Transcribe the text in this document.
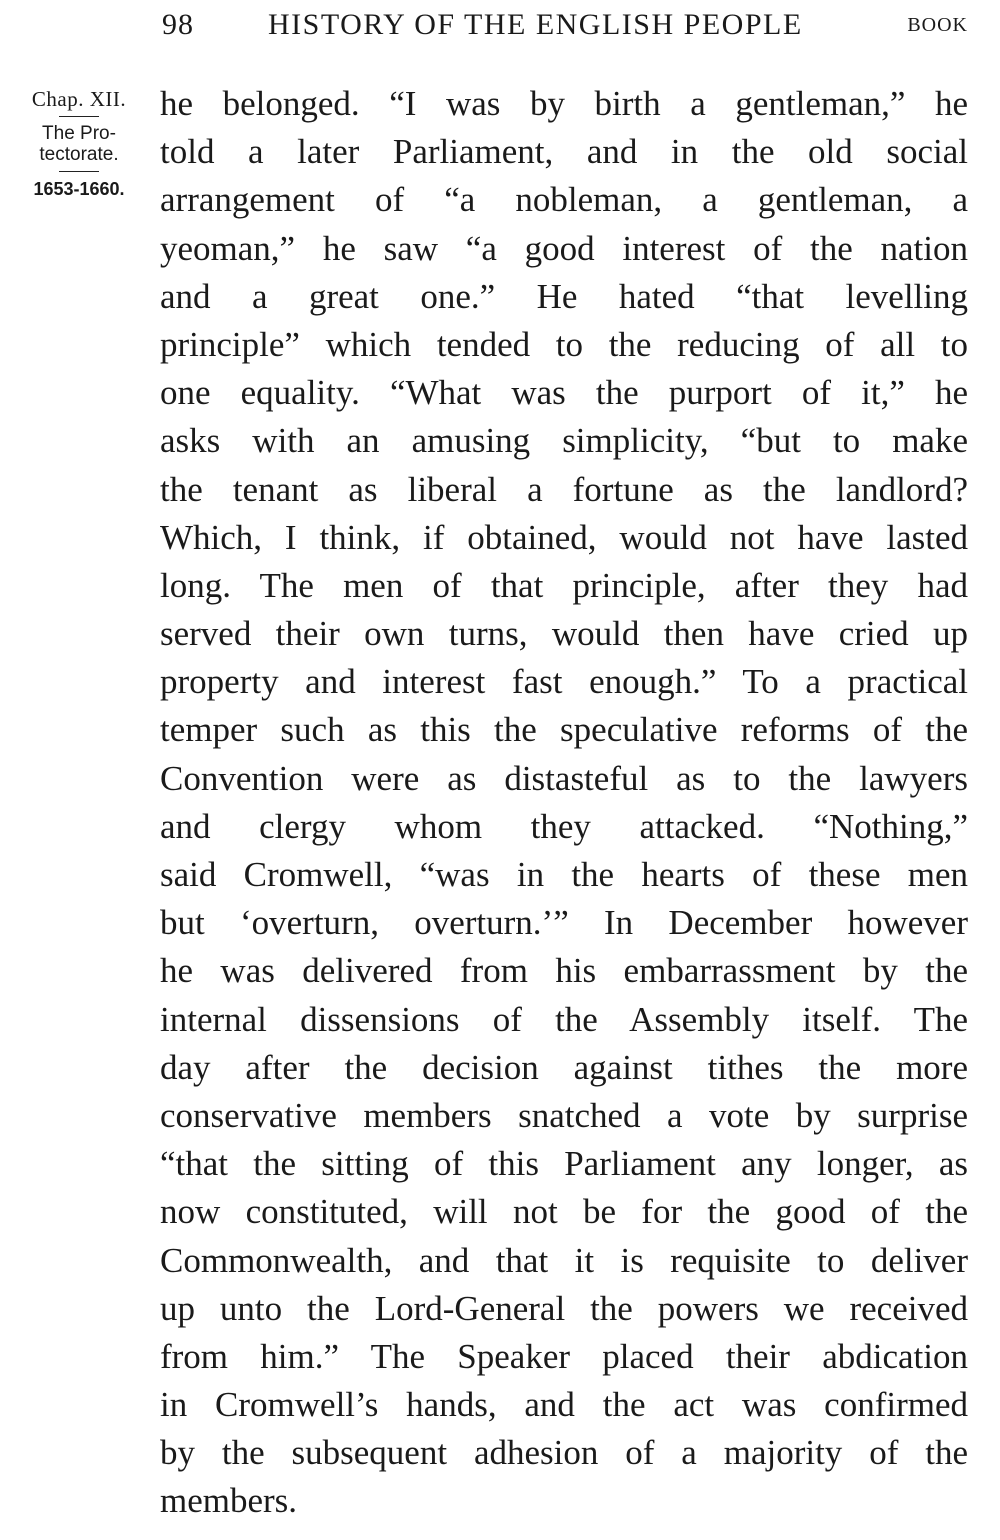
98 HISTORY OF THE ENGLISH PEOPLE	BOOK
Chap. XII.
The Pro-
tectorate.
1653-1660.
he belonged. “I was by birth a gentleman,” he
told a later Parliament, and in the old social
arrangement of “a nobleman, a gentleman, a
yeoman,” he saw “a good interest of the nation
and a great one.” He hated “that levelling
principle” which tended to the reducing of all to
one equality. “What was the purport of it,” he
asks with an amusing simplicity, “but to make
the tenant as liberal a fortune as the landlord?
Which, I think, if obtained, would not have lasted
long. The men of that principle, after they had
served their own turns, would then have cried up
property and interest fast enough.” To a practical
temper such as this the speculative reforms of the
Convention were as distasteful as to the lawyers
and clergy whom they attacked. “Nothing,”
said Cromwell, “was in the hearts of these men
but ‘overturn, overturn.’” In December however
he was delivered from his embarrassment by the
internal dissensions of the Assembly itself. The
day after the decision against tithes the more
conservative members snatched a vote by surprise
“that the sitting of this Parliament any longer, as
now constituted, will not be for the good of the
Commonwealth, and that it is requisite to deliver
up unto the Lord-General the powers we received
from him.” The Speaker placed their abdication
in Cromwell’s hands, and the act was confirmed
by the subsequent adhesion of a majority of the
members.
